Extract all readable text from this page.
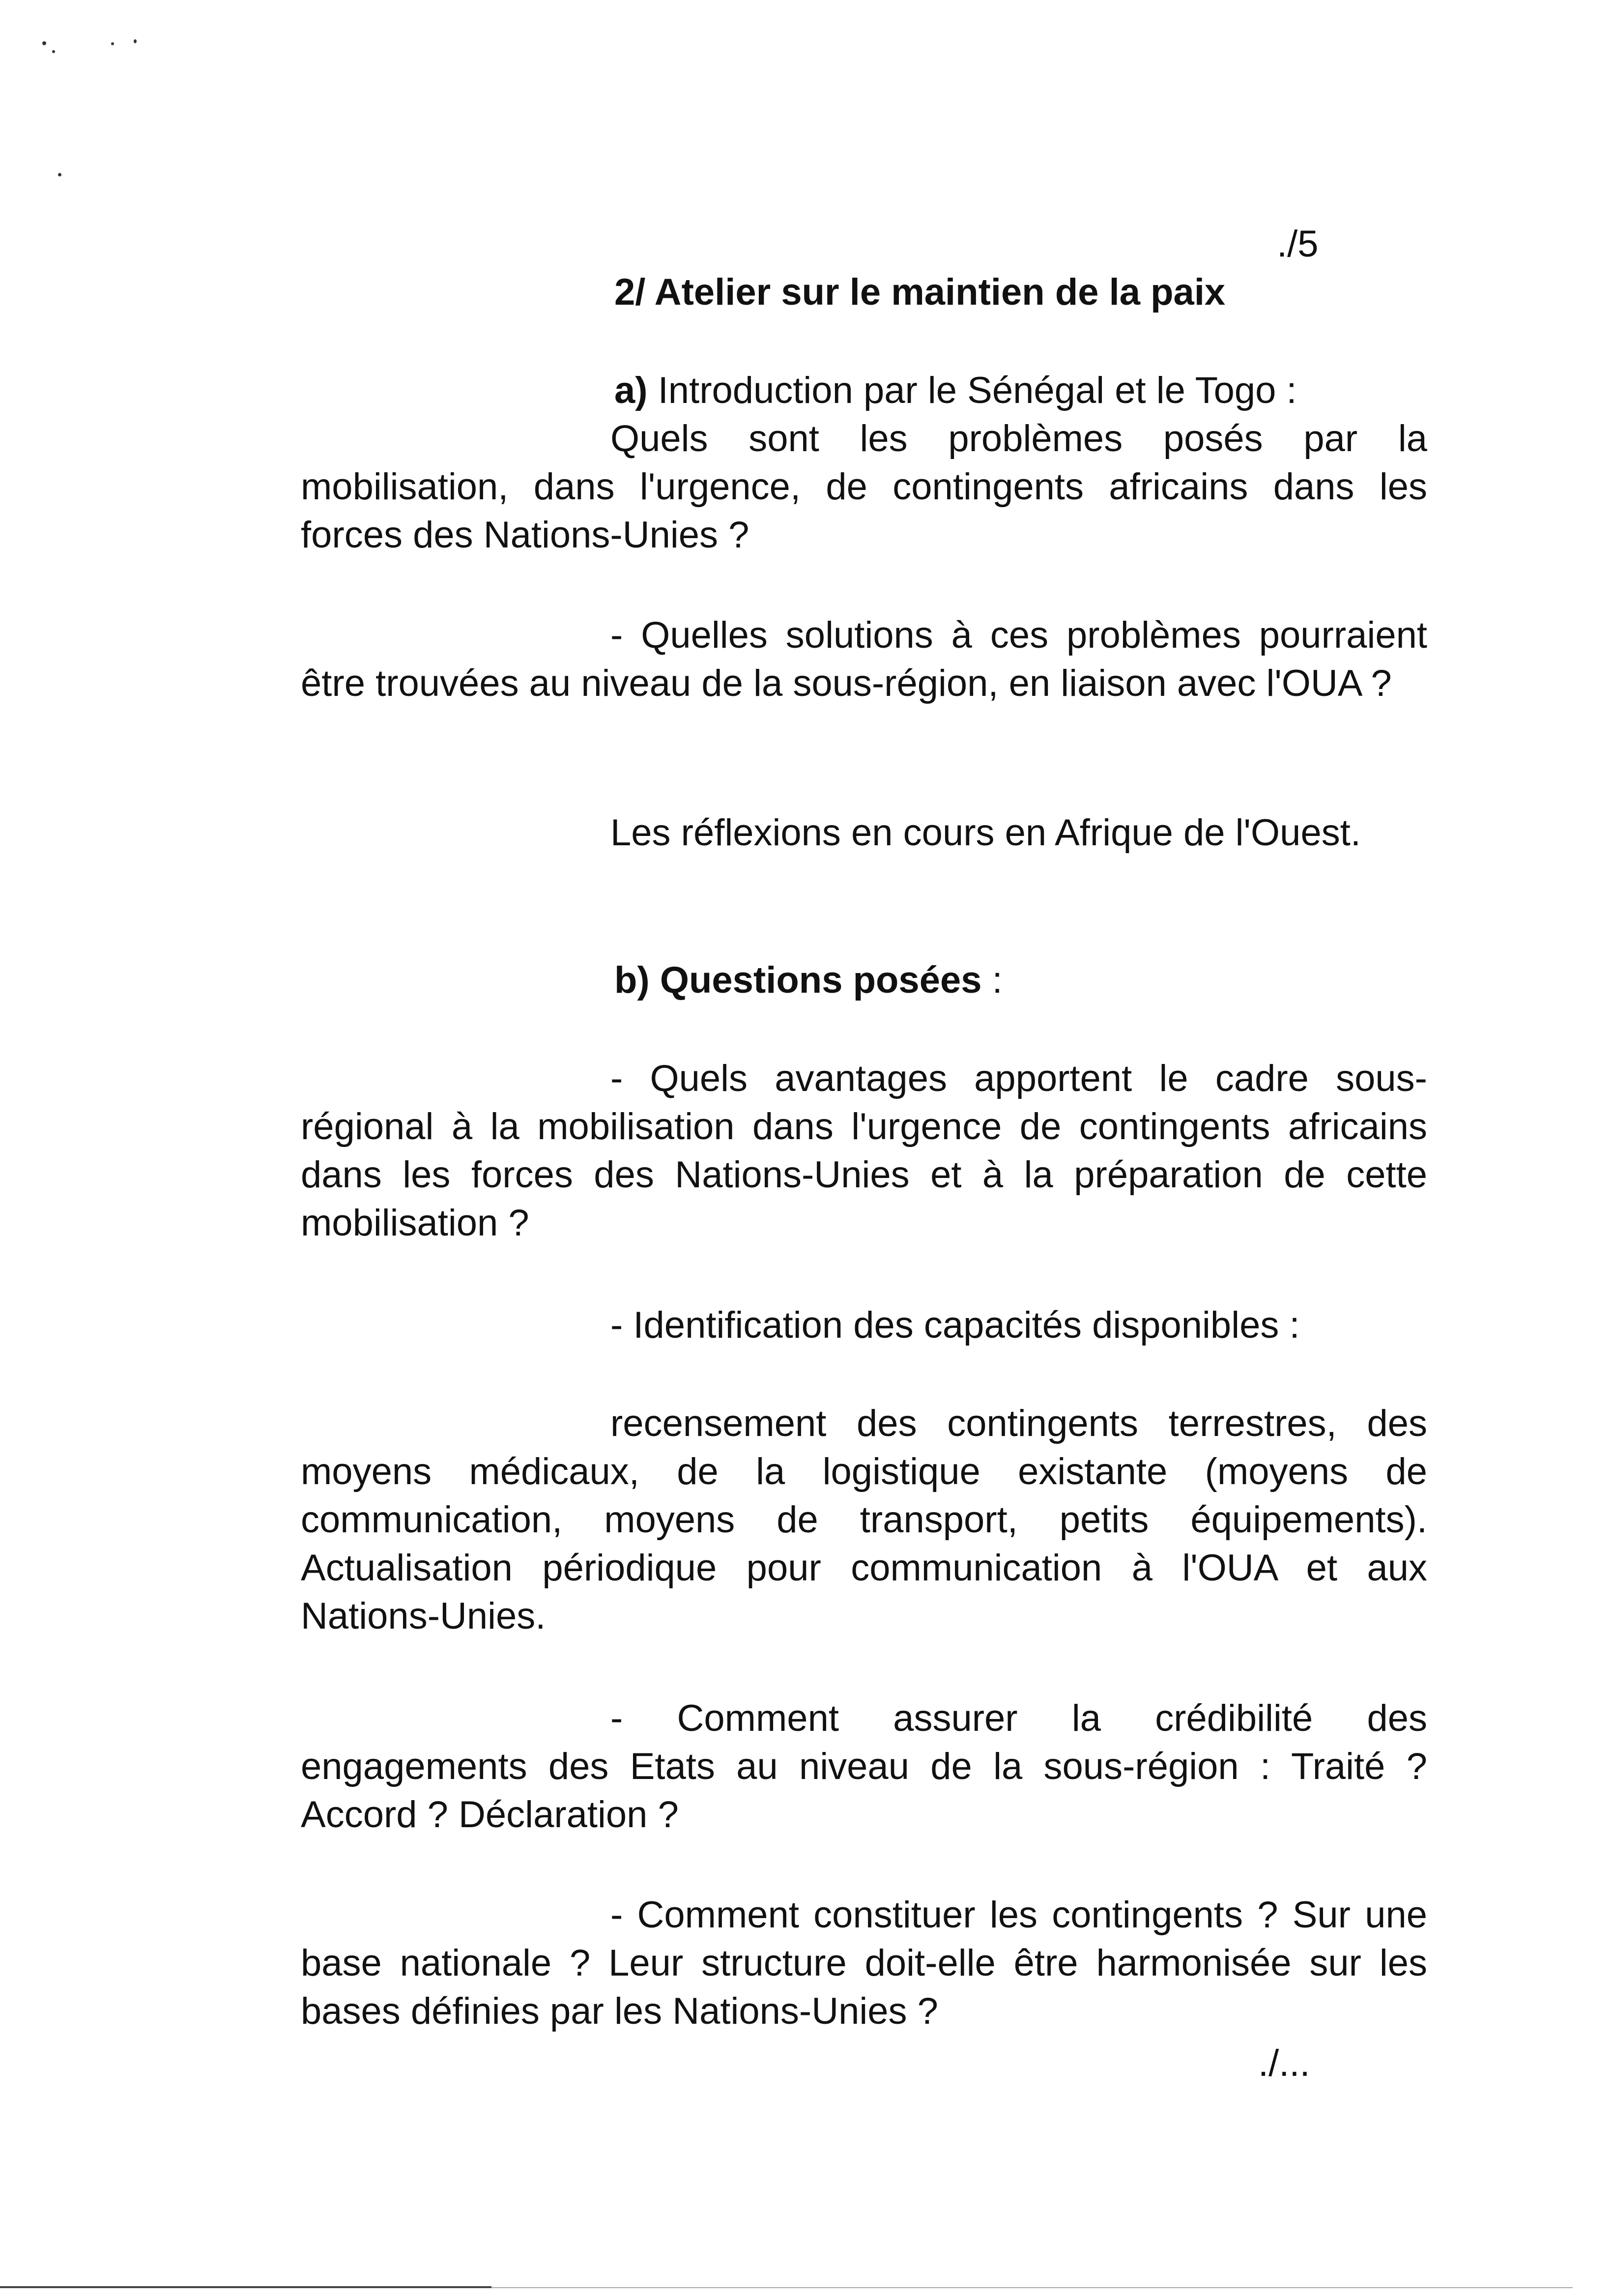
./5
2/ Atelier sur le maintien de la paix
a) Introduction par le Sénégal et le Togo :
Quels sont les problèmes posés par la mobilisation, dans l'urgence, de contingents africains dans les forces des Nations-Unies ?
- Quelles solutions à ces problèmes pourraient être trouvées au niveau de la sous-région, en liaison avec l'OUA ?
Les réflexions en cours en Afrique de l'Ouest.
b) Questions posées :
- Quels avantages apportent le cadre sous-régional à la mobilisation dans l'urgence de contingents africains dans les forces des Nations-Unies et à la préparation de cette mobilisation ?
- Identification des capacités disponibles :
recensement des contingents terrestres, des moyens médicaux, de la logistique existante (moyens de communication, moyens de transport, petits équipements). Actualisation périodique pour communication à l'OUA et aux Nations-Unies.
- Comment assurer la crédibilité des engagements des Etats au niveau de la sous-région : Traité ? Accord ? Déclaration ?
- Comment constituer les contingents ? Sur une base nationale ? Leur structure doit-elle être harmonisée sur les bases définies par les Nations-Unies ?
./...
